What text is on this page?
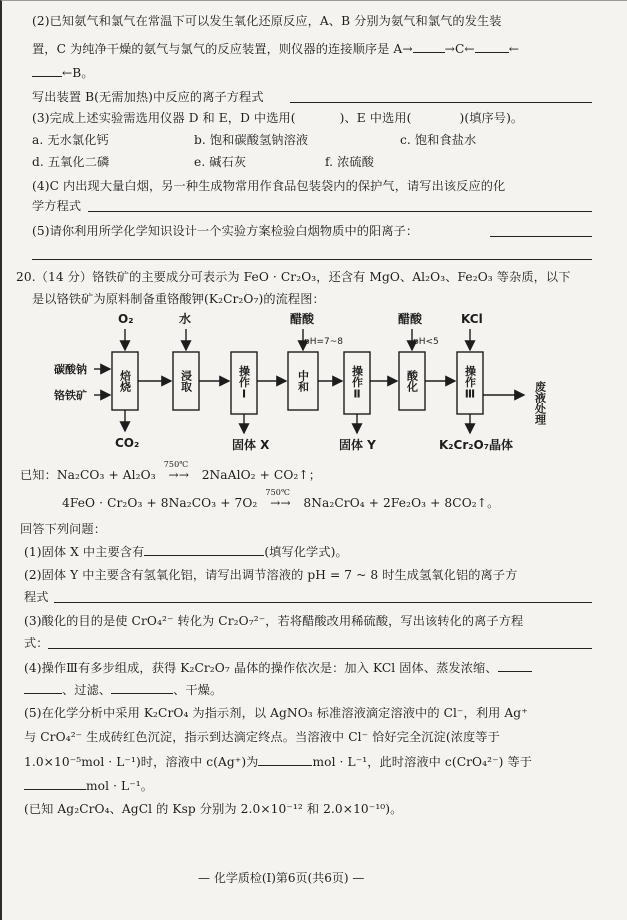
(2)已知氨气和氯气在常温下可以发生氧化还原反应，A、B 分别为氨气和氯气的发生装
置，C 为纯净干燥的氨气与氯气的反应装置，则仪器的连接顺序是 A→	→C←	←
←B。
写出装置 B(无需加热)中反应的离子方程式
(3)完成上述实验需选用仪器 D 和 E，D 中选用(	)、E 中选用(	)(填序号)。
a. 无水氯化钙	b. 饱和碳酸氢钠溶液	c. 饱和食盐水
d. 五氧化二磷	e. 碱石灰	f. 浓硫酸
(4)C 内出现大量白烟，另一种生成物常用作食品包装袋内的保护气，请写出该反应的化
学方程式
(5)请你利用所学化学知识设计一个实验方案检验白烟物质中的阳离子：
20.（14 分）铬铁矿的主要成分可表示为 FeO · Cr₂O₃，还含有 MgO、Al₂O₃、Fe₂O₃ 等杂质，以下
是以铬铁矿为原料制备重铬酸钾(K₂Cr₂O₇)的流程图：
O₂	水	醋酸
pH=7~8
醋酸
pH<5
KCl
碳酸钠
铬铁矿
焙烧	浸取	操作Ⅰ	中和	操作Ⅱ	酸化	操作Ⅲ
CO₂	固体 X	固体 Y	K₂Cr₂O₇晶体
废液处理
已知：Na₂CO₃ + Al₂O₃
750℃
→→ 2NaAlO₂ + CO₂↑；
4FeO · Cr₂O₃ + 8Na₂CO₃ + 7O₂
750℃
→→ 8Na₂CrO₄ + 2Fe₂O₃ + 8CO₂↑。
回答下列问题：
(1)固体 X 中主要含有	(填写化学式)。
(2)固体 Y 中主要含有氢氧化铝，请写出调节溶液的 pH = 7 ~ 8 时生成氢氧化铝的离子方
程式
(3)酸化的目的是使 CrO₄²⁻ 转化为 Cr₂O₇²⁻，若将醋酸改用稀硫酸，写出该转化的离子方程
式：
(4)操作Ⅲ有多步组成，获得 K₂Cr₂O₇ 晶体的操作依次是：加入 KCl 固体、蒸发浓缩、
、过滤、	、干燥。
(5)在化学分析中采用 K₂CrO₄ 为指示剂，以 AgNO₃ 标准溶液滴定溶液中的 Cl⁻，利用 Ag⁺
与 CrO₄²⁻ 生成砖红色沉淀，指示到达滴定终点。当溶液中 Cl⁻ 恰好完全沉淀(浓度等于
1.0×10⁻⁵mol · L⁻¹)时，溶液中 c(Ag⁺)为	mol · L⁻¹，此时溶液中 c(CrO₄²⁻) 等于
mol · L⁻¹。
(已知 Ag₂CrO₄、AgCl 的 Ksp 分别为 2.0×10⁻¹² 和 2.0×10⁻¹⁰)。
— 化学质检(Ⅰ)第6页(共6页) —
